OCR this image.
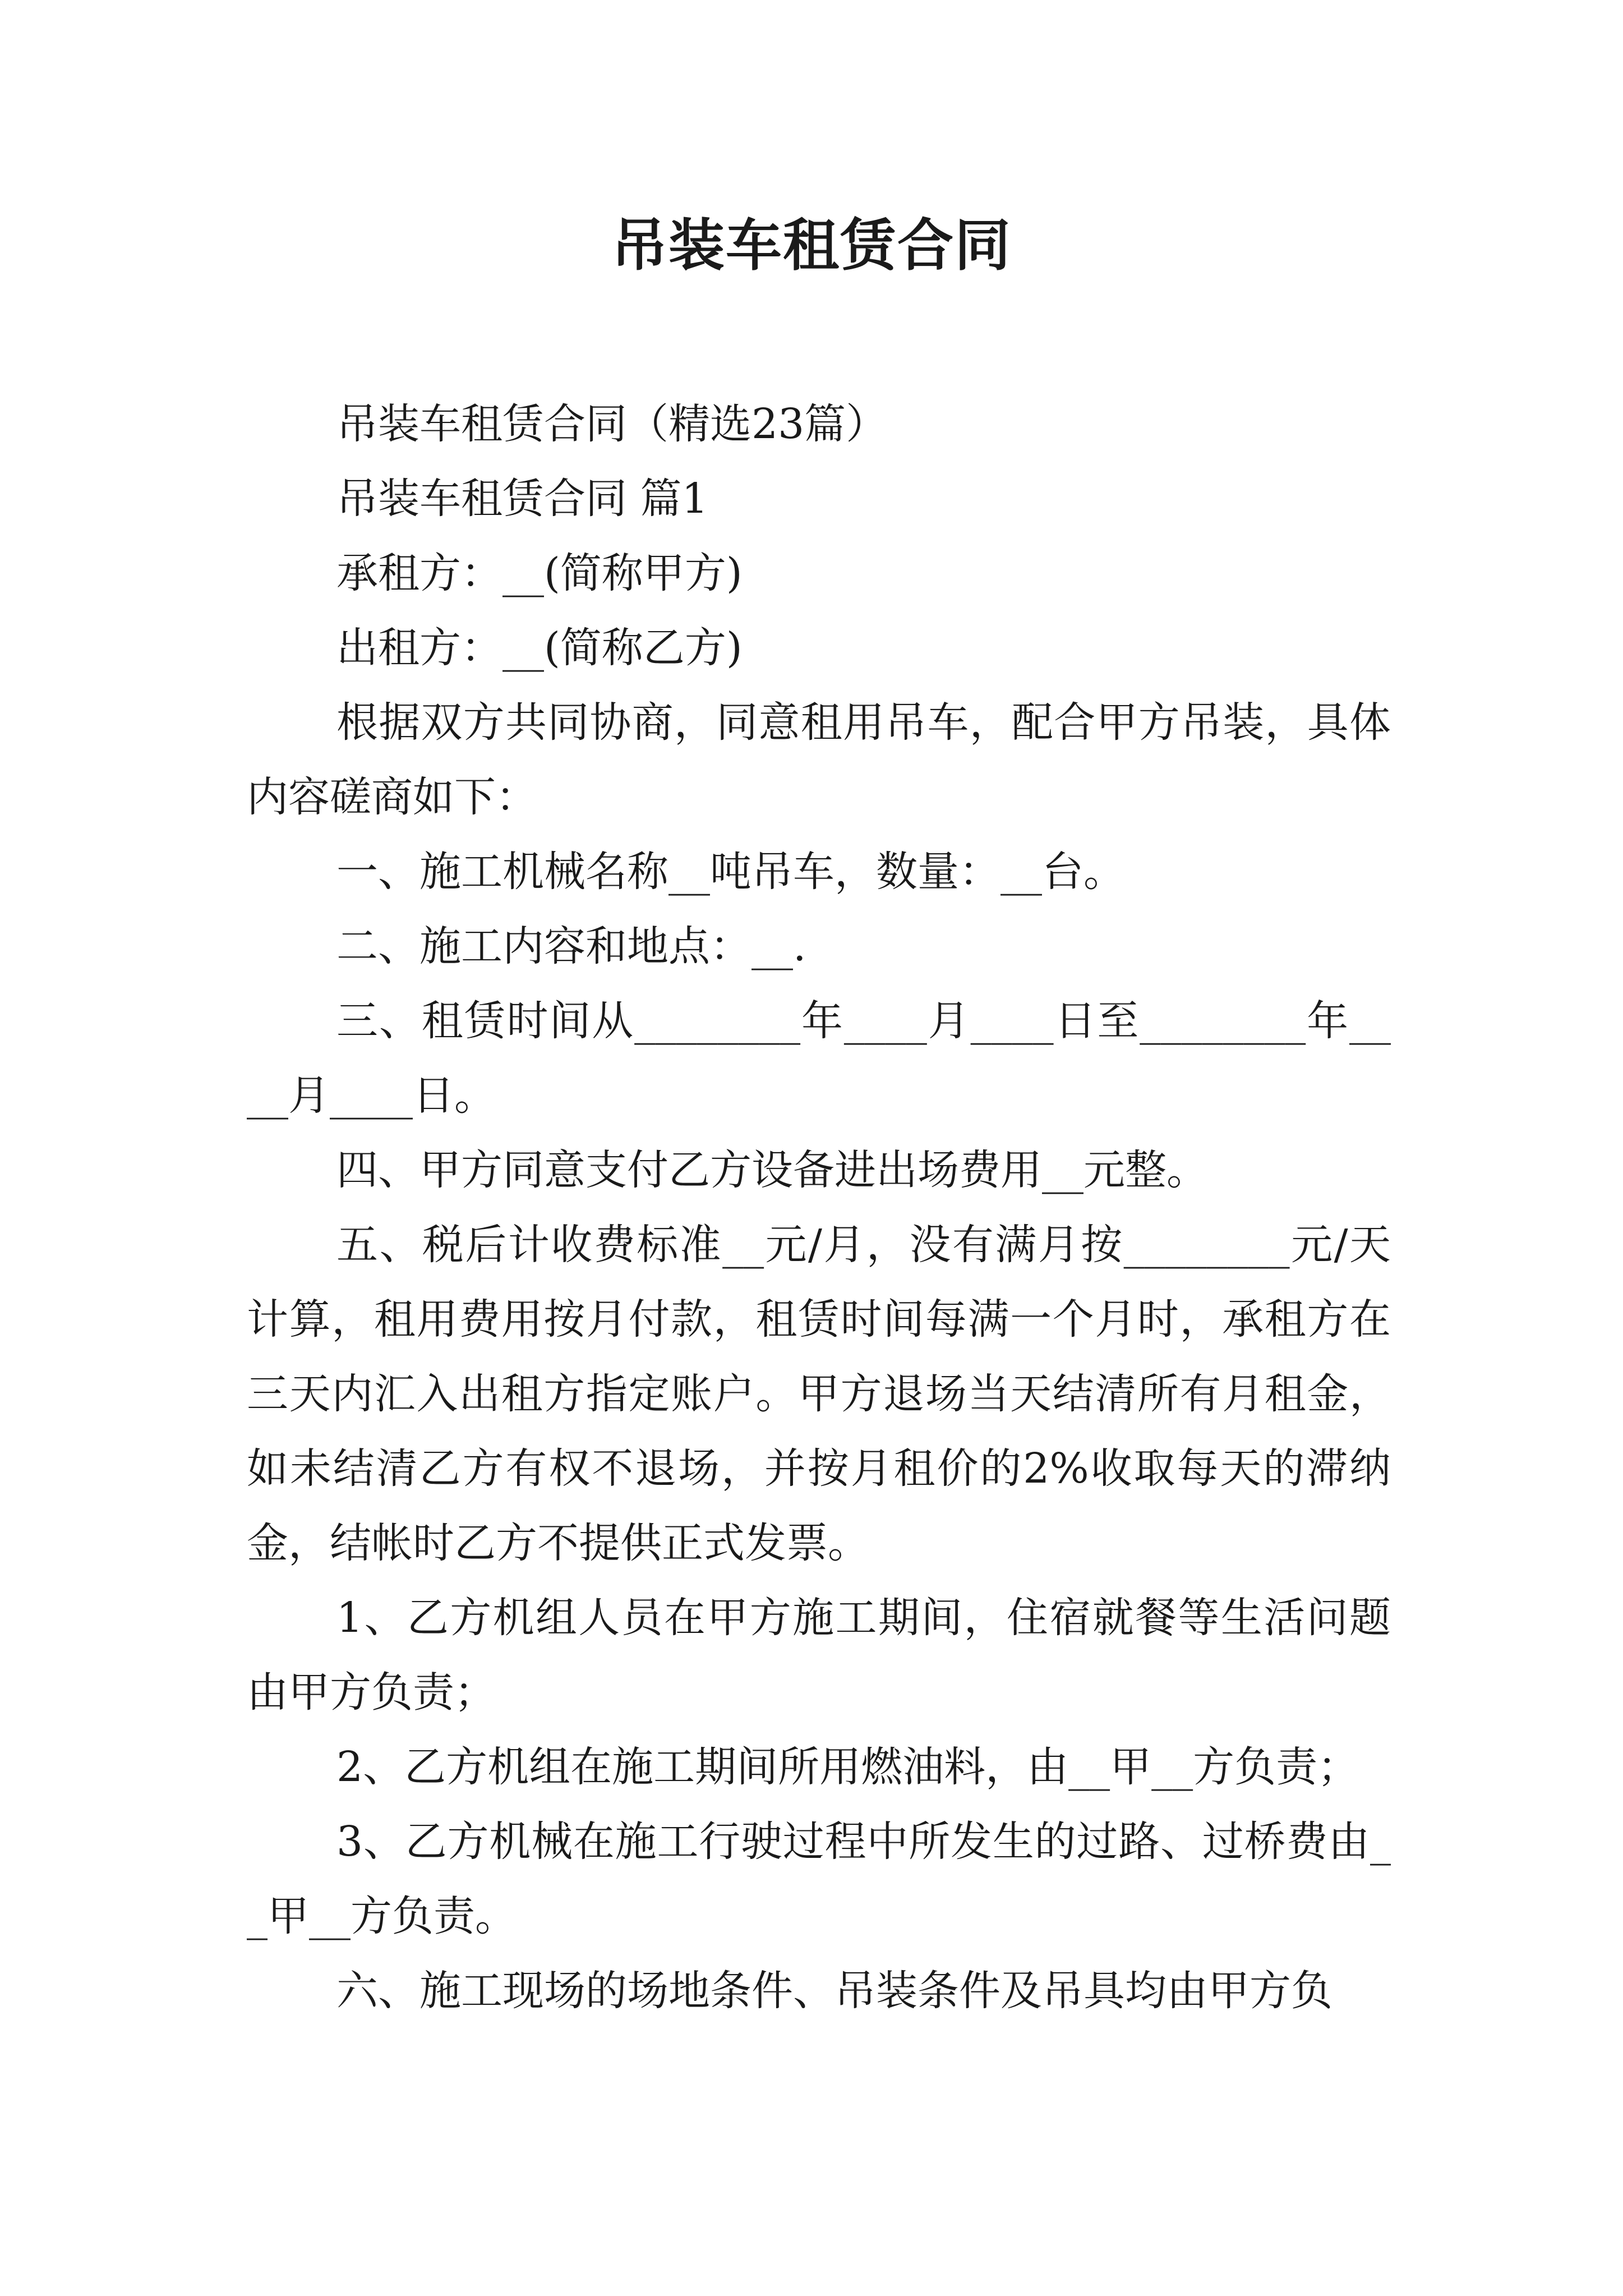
吊装车租赁合同

吊装车租赁合同（精选23篇）

吊装车租赁合同 篇1

承租方：__(简称甲方)

出租方：__(简称乙方)

根据双方共同协商，同意租用吊车，配合甲方吊装，具体内容磋商如下：

一、施工机械名称__吨吊车，数量：__台。

二、施工内容和地点：__.

三、租赁时间从________年____月____日至________年____月____日。

四、甲方同意支付乙方设备进出场费用__元整。

五、税后计收费标准__元/月，没有满月按________元/天计算，租用费用按月付款，租赁时间每满一个月时，承租方在三天内汇入出租方指定账户。甲方退场当天结清所有月租金，如未结清乙方有权不退场，并按月租价的2%收取每天的滞纳金，结帐时乙方不提供正式发票。

1、乙方机组人员在甲方施工期间，住宿就餐等生活问题由甲方负责；

2、乙方机组在施工期间所用燃油料，由__甲__方负责；

3、乙方机械在施工行驶过程中所发生的过路、过桥费由__甲__方负责。

六、施工现场的场地条件、吊装条件及吊具均由甲方负
